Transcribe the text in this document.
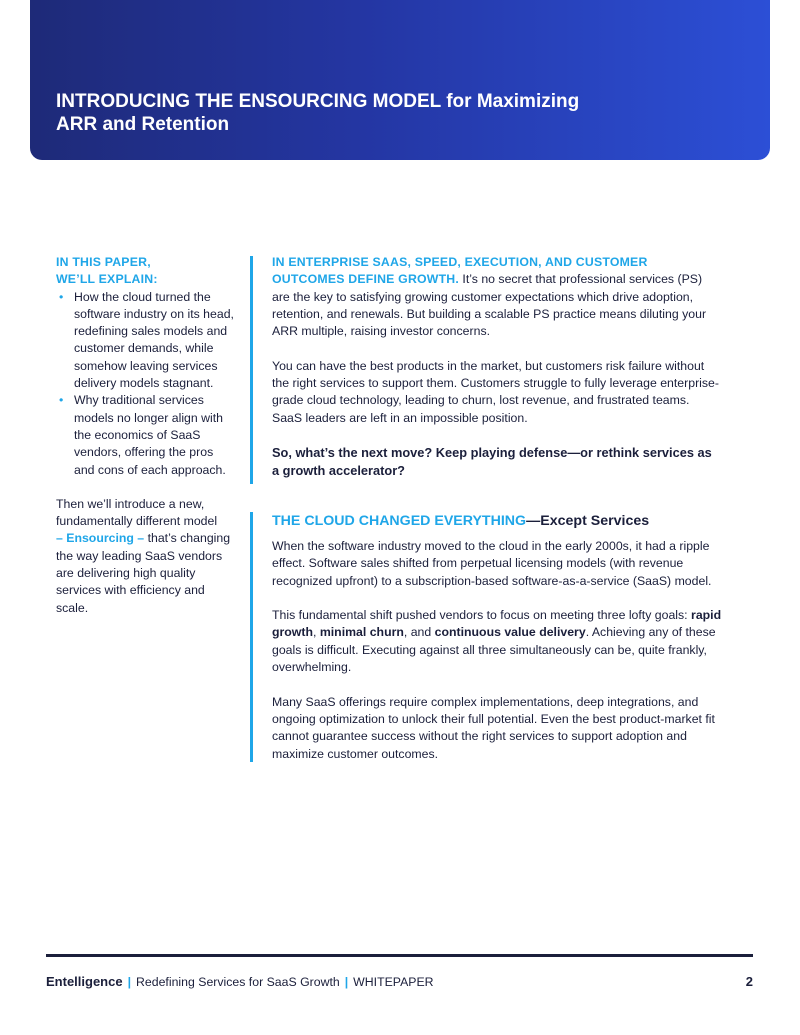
INTRODUCING THE ENSOURCING MODEL for Maximizing
ARR and Retention
IN THIS PAPER,
WE’LL EXPLAIN:
• How the cloud turned the software industry on its head, redefining sales models and customer demands, while somehow leaving services delivery models stagnant.
• Why traditional services models no longer align with the economics of SaaS vendors, offering the pros and cons of each approach.

Then we’ll introduce a new, fundamentally different model
– Ensourcing – that’s changing the way leading SaaS vendors are delivering high quality services with efficiency and scale.

IN ENTERPRISE SAAS, SPEED, EXECUTION, AND CUSTOMER OUTCOMES DEFINE GROWTH. It’s no secret that professional services (PS) are the key to satisfying growing customer expectations which drive adoption, retention, and renewals. But building a scalable PS practice means diluting your ARR multiple, raising investor concerns.

You can have the best products in the market, but customers risk failure without the right services to support them. Customers struggle to fully leverage enterprise-grade cloud technology, leading to churn, lost revenue, and frustrated teams. SaaS leaders are left in an impossible position.

So, what’s the next move? Keep playing defense—or rethink services as a growth accelerator?

THE CLOUD CHANGED EVERYTHING—Except Services

When the software industry moved to the cloud in the early 2000s, it had a ripple effect. Software sales shifted from perpetual licensing models (with revenue recognized upfront) to a subscription-based software-as-a-service (SaaS) model.

This fundamental shift pushed vendors to focus on meeting three lofty goals: rapid growth, minimal churn, and continuous value delivery. Achieving any of these goals is difficult. Executing against all three simultaneously can be, quite frankly, overwhelming.

Many SaaS offerings require complex implementations, deep integrations, and ongoing optimization to unlock their full potential. Even the best product-market fit cannot guarantee success without the right services to support adoption and maximize customer outcomes.

Entelligence | Redefining Services for SaaS Growth | WHITEPAPER	2
